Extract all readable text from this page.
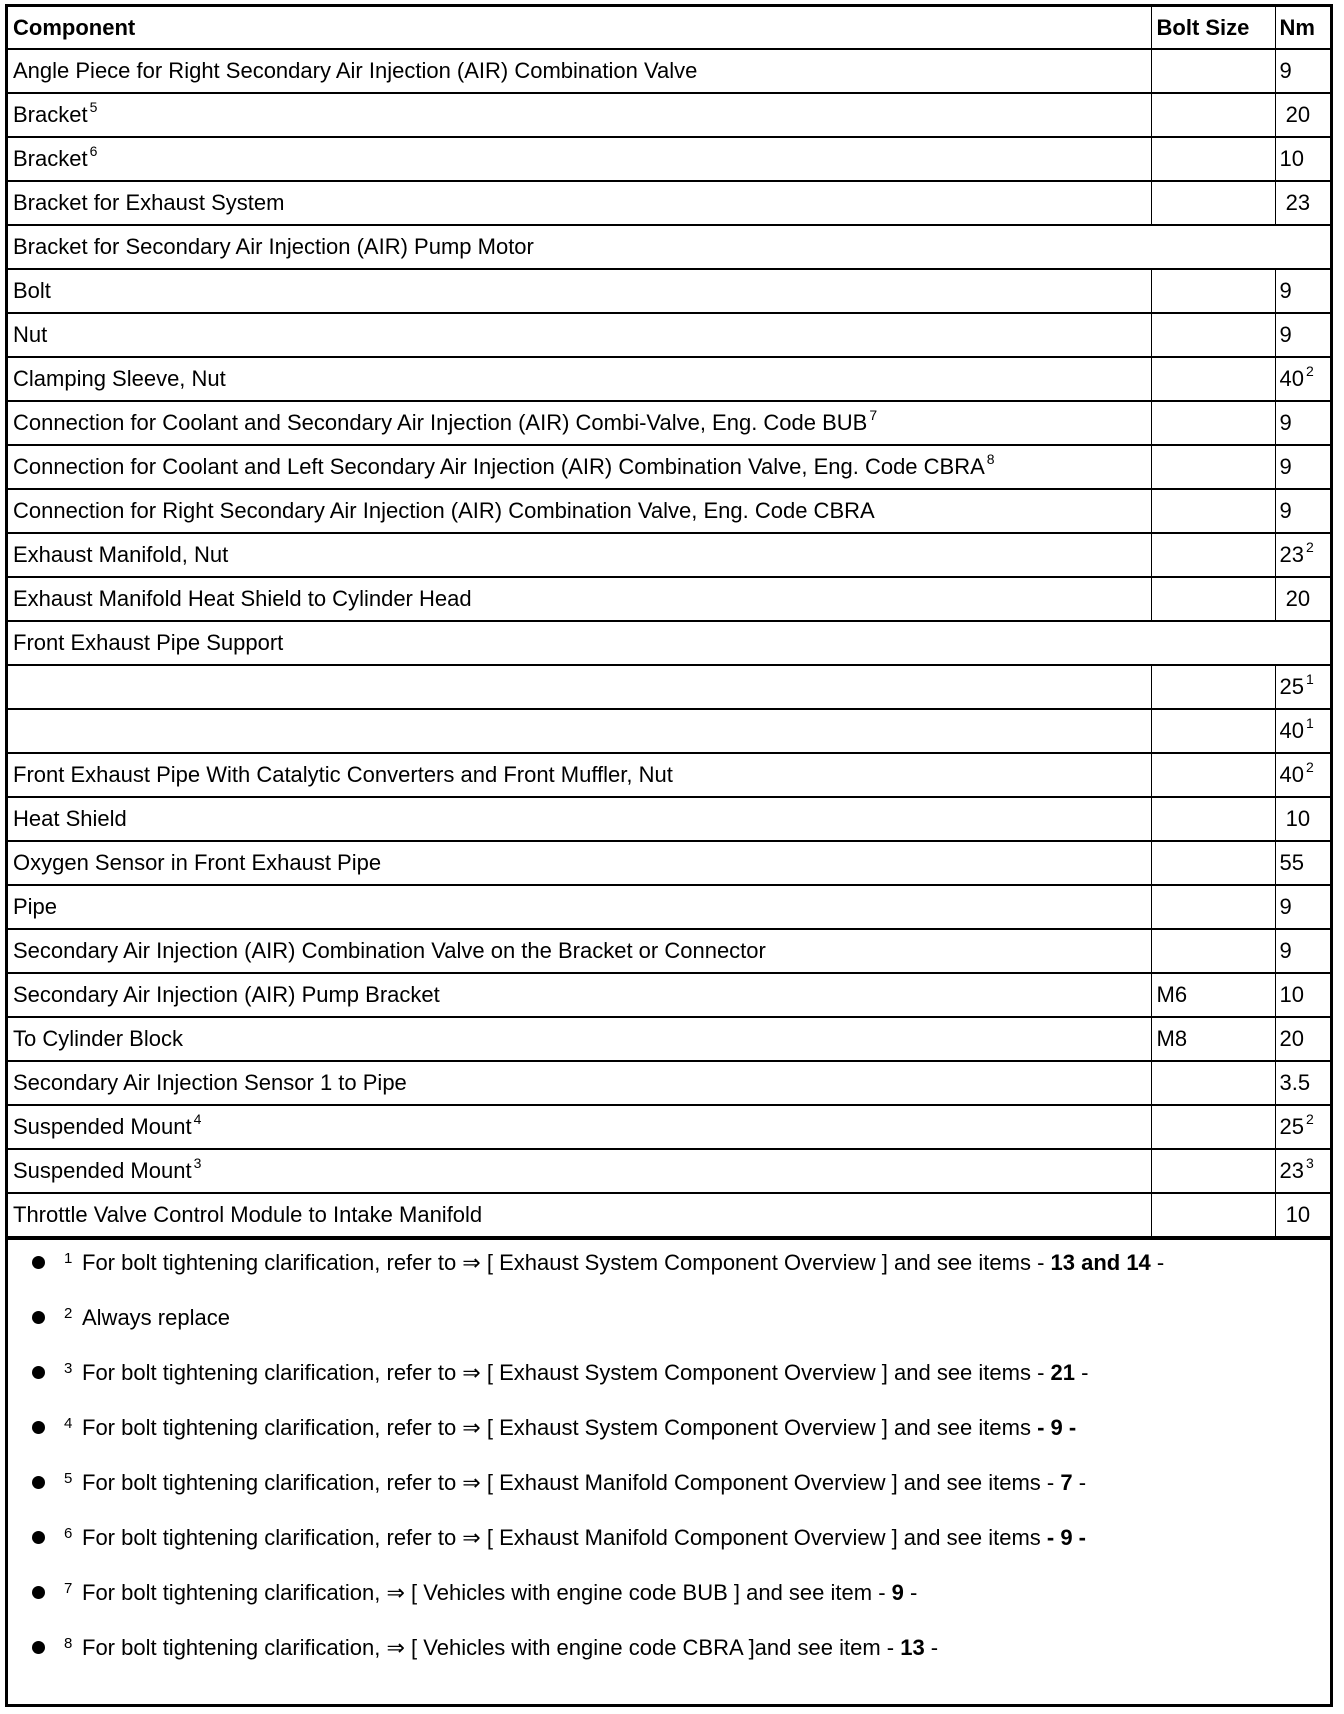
Component	Bolt Size	Nm
Angle Piece for Right Secondary Air Injection (AIR) Combination Valve		9
Bracket $^5$		20
Bracket $^6$		10
Bracket for Exhaust System		23
Bracket for Secondary Air Injection (AIR) Pump Motor		
Bolt		9
Nut		9
Clamping Sleeve, Nut		40 $^2$
Connection for Coolant and Secondary Air Injection (AIR) Combi-Valve, Eng. Code BUB $^7$		9
Connection for Coolant and Left Secondary Air Injection (AIR) Combination Valve, Eng. Code CBRA $^8$		9
Connection for Right Secondary Air Injection (AIR) Combination Valve, Eng. Code CBRA		9
Exhaust Manifold, Nut		23 $^2$
Exhaust Manifold Heat Shield to Cylinder Head		20
Front Exhaust Pipe Support		
		25 $^1$
		40 $^1$
Front Exhaust Pipe With Catalytic Converters and Front Muffler, Nut		40 $^2$
Heat Shield		10
Oxygen Sensor in Front Exhaust Pipe		55
Pipe		9
Secondary Air Injection (AIR) Combination Valve on the Bracket or Connector		9
Secondary Air Injection (AIR) Pump Bracket	M6	10
To Cylinder Block	M8	20
Secondary Air Injection Sensor 1 to Pipe		3.5
Suspended Mount $^4$		25 $^2$
Suspended Mount $^3$		23 $^3$
Throttle Valve Control Module to Intake Manifold		10
1 For bolt tightening clarification, refer to ⇒ [ Exhaust System Component Overview ] and see items - 13 and 14 -
2 Always replace
3 For bolt tightening clarification, refer to ⇒ [ Exhaust System Component Overview ] and see items - 21 -
4 For bolt tightening clarification, refer to ⇒ [ Exhaust System Component Overview ] and see items - 9 -
5 For bolt tightening clarification, refer to ⇒ [ Exhaust Manifold Component Overview ] and see items - 7 -
6 For bolt tightening clarification, refer to ⇒ [ Exhaust Manifold Component Overview ] and see items - 9 -
7 For bolt tightening clarification, ⇒ [ Vehicles with engine code BUB ] and see item - 9 -
8 For bolt tightening clarification, ⇒ [ Vehicles with engine code CBRA ]and see item - 13 -
